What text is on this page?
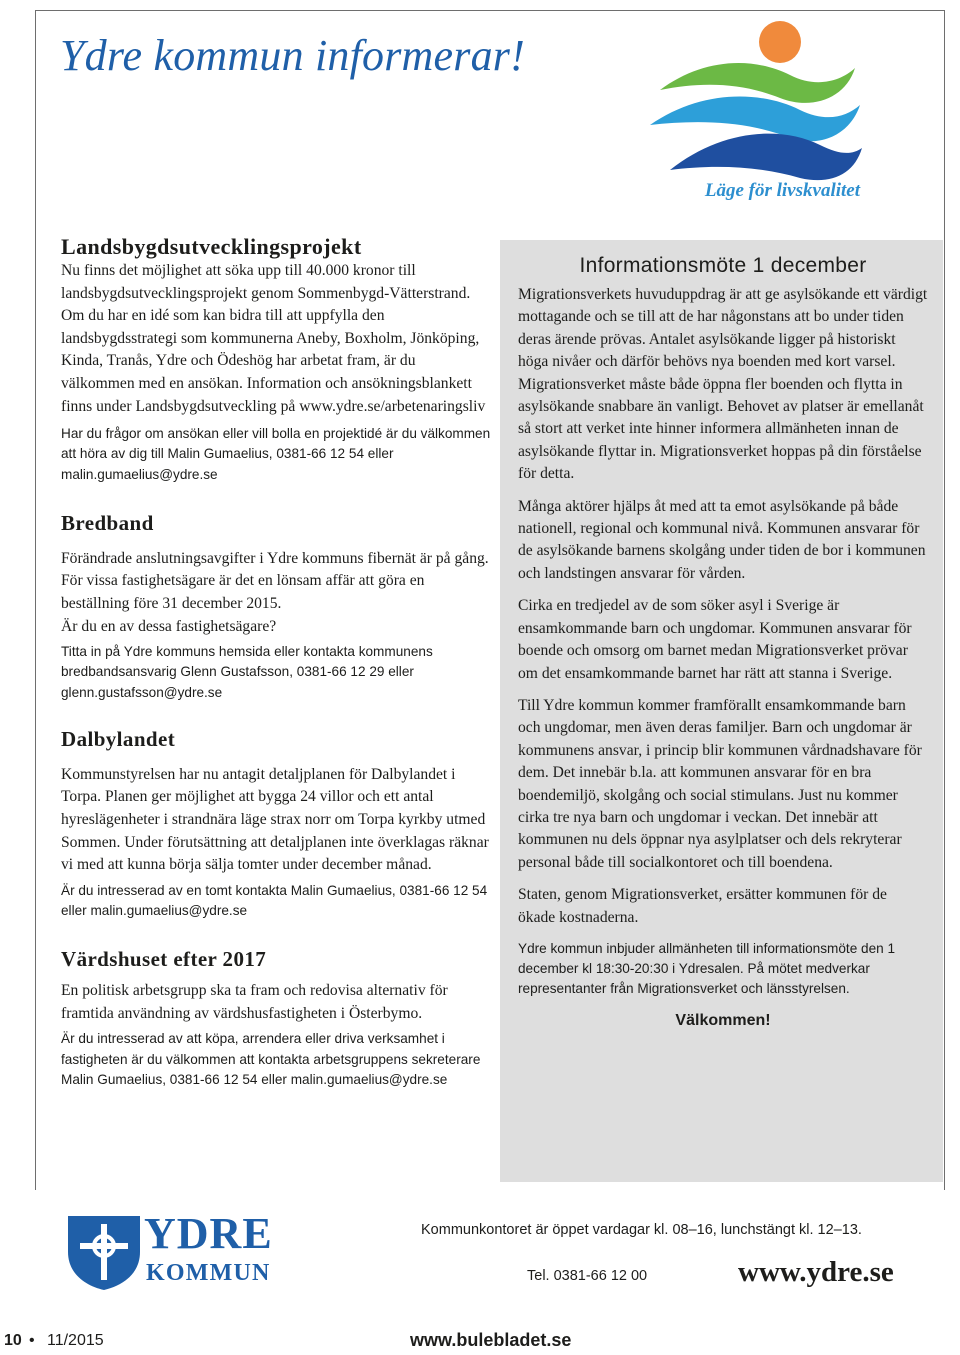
Ydre kommun informerar!
Läge för livskvalitet
Landsbygdsutvecklingsprojekt

Nu finns det möjlighet att söka upp till 40.000 kronor till landsbygdsutvecklingsprojekt genom Sommenbygd-Vätterstrand. Om du har en idé som kan bidra till att uppfylla den landsbygdsstrategi som kommunerna Aneby, Boxholm, Jönköping, Kinda, Tranås, Ydre och Ödeshög har arbetat fram, är du välkommen med en ansökan. Information och ansökningsblankett finns under Landsbygdsutveckling på www.ydre.se/arbetenaringsliv

Har du frågor om ansökan eller vill bolla en projektidé är du välkommen att höra av dig till Malin Gumaelius, 0381-66 12 54 eller malin.gumaelius@ydre.se

Bredband

Förändrade anslutningsavgifter i Ydre kommuns fibernät är på gång. För vissa fastighetsägare är det en lönsam affär att göra en beställning före 31 december 2015.

Är du en av dessa fastighetsägare?

Titta in på Ydre kommuns hemsida eller kontakta kommunens bredbandsansvarig Glenn Gustafsson, 0381-66 12 29 eller glenn.gustafsson@ydre.se

Dalbylandet

Kommunstyrelsen har nu antagit detaljplanen för Dalbylandet i Torpa. Planen ger möjlighet att bygga 24 villor och ett antal hyreslägenheter i strandnära läge strax norr om Torpa kyrkby utmed Sommen. Under förutsättning att detaljplanen inte överklagas räknar vi med att kunna börja sälja tomter under december månad.

Är du intresserad av en tomt kontakta Malin Gumaelius, 0381-66 12 54 eller malin.gumaelius@ydre.se

Värdshuset efter 2017

En politisk arbetsgrupp ska ta fram och redovisa alternativ för framtida användning av värdshusfastigheten i Österbymo.

Är du intresserad av att köpa, arrendera eller driva verksamhet i fastigheten är du välkommen att kontakta arbetsgruppens sekreterare Malin Gumaelius, 0381-66 12 54 eller malin.gumaelius@ydre.se

Informationsmöte 1 december

Migrationsverkets huvuduppdrag är att ge asylsökande ett värdigt mottagande och se till att de har någonstans att bo under tiden deras ärende prövas. Antalet asylsökande ligger på historiskt höga nivåer och därför behövs nya boenden med kort varsel. Migrationsverket måste både öppna fler boenden och flytta in asylsökande snabbare än vanligt. Behovet av platser är emellanåt så stort att verket inte hinner informera allmänheten innan de asylsökande flyttar in. Migrationsverket hoppas på din förståelse för detta.

Många aktörer hjälps åt med att ta emot asylsökande på både nationell, regional och kommunal nivå. Kommunen ansvarar för de asylsökande barnens skolgång under tiden de bor i kommunen och landstingen ansvarar för vården.

Cirka en tredjedel av de som söker asyl i Sverige är ensamkommande barn och ungdomar. Kommunen ansvarar för boende och omsorg om barnet medan Migrationsverket prövar om det ensamkommande barnet har rätt att stanna i Sverige.

Till Ydre kommun kommer framförallt ensamkommande barn och ungdomar, men även deras familjer. Barn och ungdomar är kommunens ansvar, i princip blir kommunen vårdnadshavare för dem. Det innebär b.la. att kommunen ansvarar för en bra boendemiljö, skolgång och social stimulans. Just nu kommer cirka tre nya barn och ungdomar i veckan. Det innebär att kommunen nu dels öppnar nya asylplatser och dels rekryterar personal både till socialkontoret och till boendena.

Staten, genom Migrationsverket, ersätter kommunen för de ökade kostnaderna.

Ydre kommun inbjuder allmänheten till informationsmöte den 1 december kl 18:30-20:30 i Ydresalen. På mötet medverkar representanter från Migrationsverket och länsstyrelsen.

Välkommen!

YDRE
KOMMUN
Kommunkontoret är öppet vardagar kl. 08–16, lunchstängt kl. 12–13.
Tel. 0381-66 12 00	www.ydre.se
10 • 11/2015	www.bulebladet.se
